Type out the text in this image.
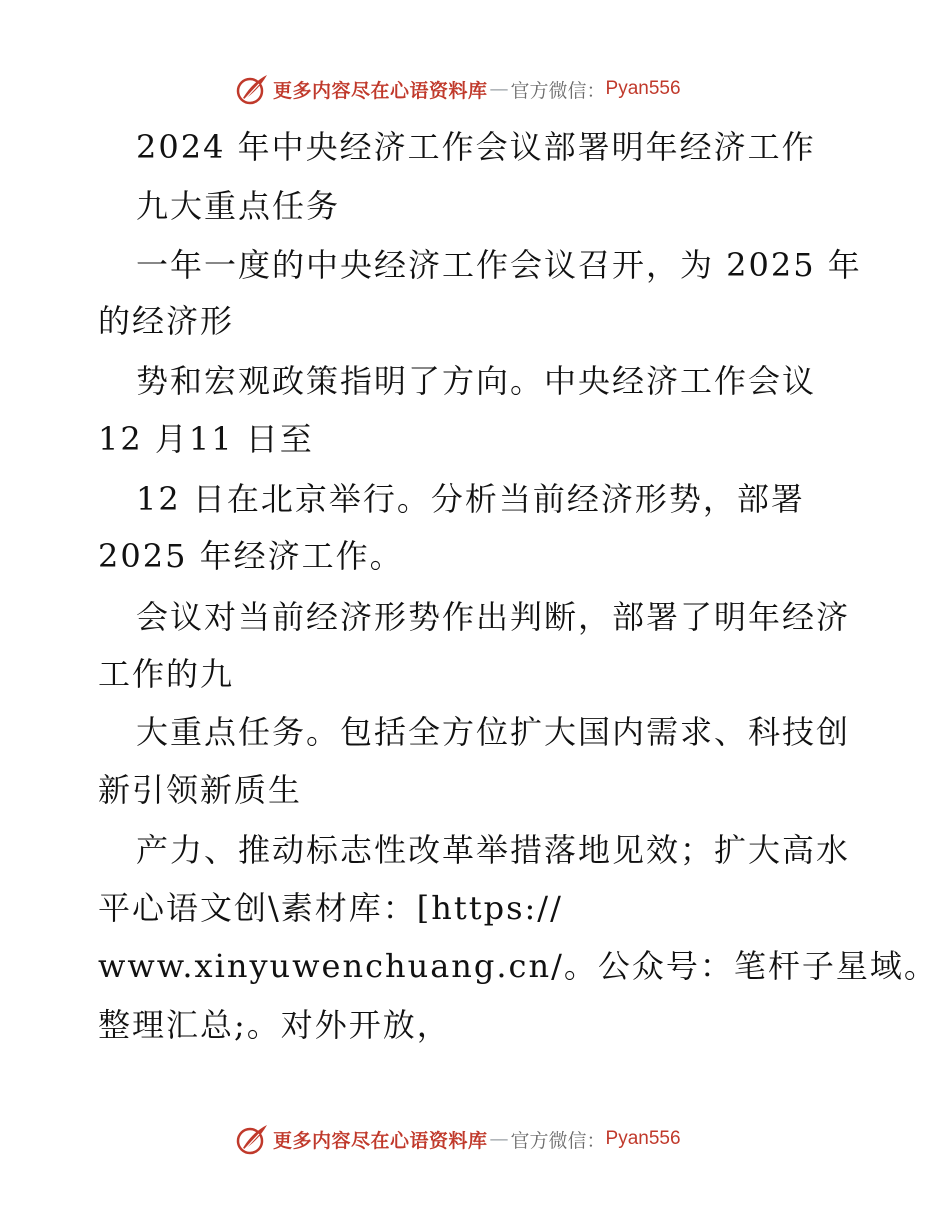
更多内容尽在心语资料库 — 官方微信： Pyan556
2024 年中央经济工作会议部署明年经济工作
九大重点任务
一年一度的中央经济工作会议召开，为 2025 年
的经济形
势和宏观政策指明了方向。中央经济工作会议
12 月11 日至
12 日在北京举行。分析当前经济形势，部署
2025 年经济工作。
会议对当前经济形势作出判断，部署了明年经济
工作的九
大重点任务。包括全方位扩大国内需求、科技创
新引领新质生
产力、推动标志性改革举措落地见效；扩大高水
平心语文创\素材库：[https://
www.xinyuwenchuang.cn/。公众号：笔杆子星域。
整理汇总;。对外开放，
更多内容尽在心语资料库 — 官方微信： Pyan556
